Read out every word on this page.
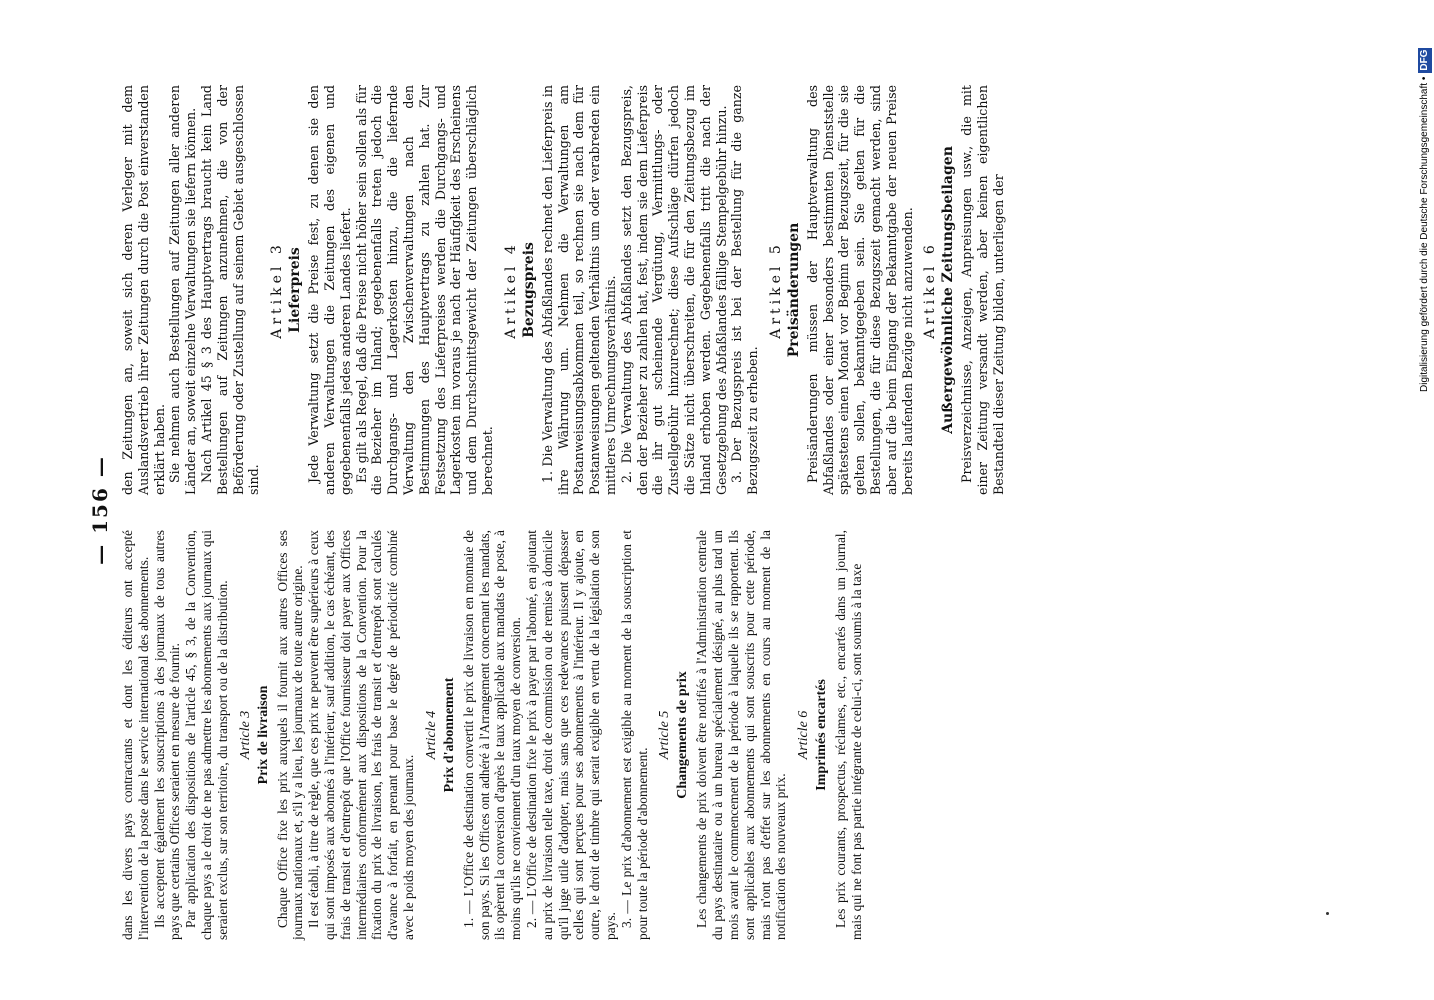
— 156 —

dans les divers pays contractants et dont les éditeurs ont accepté l'intervention de la poste dans le service international des abonnements. Ils acceptent également les souscriptions à des journaux de tous autres pays que certains Offices seraient en mesure de fournir. Par application des dispositions de l'article 45, § 3, de la Convention, chaque pays a le droit de ne pas admettre les abonnements aux journaux qui seraient exclus, sur son territoire, du transport ou de la distribution. Article 3 Prix de livraison Chaque Office fixe les prix auxquels il fournit aux autres Offices ses journaux nationaux et, s'il y a lieu, les journaux de toute autre origine. Il est établi, à titre de règle, que ces prix ne peuvent être supérieurs à ceux qui sont imposés aux abonnés à l'intérieur, sauf addition, le cas échéant, des frais de transit et d'entrepôt que l'Office fournisseur doit payer aux Offices intermédiaires conformément aux dispositions de la Convention. Pour la fixation du prix de livraison, les frais de transit et d'entrepôt sont calculés d'avance à forfait, en prenant pour base le degré de périodicité combiné avec le poids moyen des journaux.

Article 4 Prix d'abonnement 1. — L'Office de destination convertit le prix de livraison en monnaie de son pays. Si les Offices ont adhéré à l'Arrangement concernant les mandats, ils opèrent la conversion d'après le taux applicable aux mandats de poste, à moins qu'ils ne conviennent d'un taux moyen de conversion. 2. — L'Office de destination fixe le prix à payer par l'abonné, en ajoutant au prix de livraison telle taxe, droit de commission ou de remise à domicile qu'il juge utile d'adopter, mais sans que ces redevances puissent dépasser celles qui sont perçues pour ses abonnements à l'intérieur. Il y ajoute, en outre, le droit de timbre qui serait exigible en vertu de la législation de son pays. 3. — Le prix d'abonnement est exigible au moment de la souscription et pour toute la période d'abonnement.

Article 5 Changements de prix Les changements de prix doivent être notifiés à l'Administration centrale du pays destinataire ou à un bureau spécialement désigné, au plus tard un mois avant le commencement de la période à laquelle ils se rapportent. Ils sont applicables aux abonnements qui sont souscrits pour cette période, mais n'ont pas d'effet sur les abonnements en cours au moment de la notification des nouveaux prix.

Article 6 Imprimés encartés Les prix courants, prospectus, réclames, etc., encartés dans un journal, mais qui ne font pas partie intégrante de celui-ci, sont soumis à la taxe

den Zeitungen an, soweit sich deren Verleger mit dem Auslandsvertrieb ihrer Zeitungen durch die Post einverstanden erklärt haben. Sie nehmen auch Bestellungen auf Zeitungen aller anderen Länder an, soweit einzelne Verwaltungen sie liefern können. Nach Artikel 45 § 3 des Hauptvertrags braucht kein Land Bestellungen auf Zeitungen anzunehmen, die von der Beförderung oder Zustellung auf seinem Gebiet ausgeschlossen sind.

Artikel 3 Lieferpreis Jede Verwaltung setzt die Preise fest, zu denen sie den anderen Verwaltungen die Zeitungen des eigenen und gegebenenfalls jedes anderen Landes liefert. Es gilt als Regel, daß die Preise nicht höher sein sollen als für die Bezieher im Inland; gegebenenfalls treten jedoch die Durchgangs- und Lagerkosten hinzu, die die liefernde Verwaltung den Zwischenverwaltungen nach den Bestimmungen des Hauptvertrags zu zahlen hat. Zur Festsetzung des Lieferpreises werden die Durchgangs- und Lagerkosten im voraus je nach der Häufigkeit des Erscheinens und dem Durchschnittsgewicht der Zeitungen überschläglich berechnet.

Artikel 4 Bezugspreis 1. Die Verwaltung des Abfaßlandes rechnet den Lieferpreis in ihre Währung um. Nehmen die Verwaltungen am Postanweisungsabkommen teil, so rechnen sie nach dem für Postanweisungen geltenden Verhältnis um oder verabreden ein mittleres Umrechnungsverhältnis. 2. Die Verwaltung des Abfaßlandes setzt den Bezugspreis, den der Bezieher zu zahlen hat, fest, indem sie dem Lieferpreis die ihr gut scheinende Vergütung, Vermittlungs- oder Zustellgebühr hinzurechnet; diese Aufschläge dürfen jedoch die Sätze nicht überschreiten, die für den Zeitungsbezug im Inland erhoben werden. Gegebenenfalls tritt die nach der Gesetzgebung des Abfaßlandes fällige Stempelgebühr hinzu. 3. Der Bezugspreis ist bei der Bestellung für die ganze Bezugszeit zu erheben.

Artikel 5 Preisänderungen Preisänderungen müssen der Hauptverwaltung des Abfaßlandes oder einer besonders bestimmten Dienststelle spätestens einen Monat vor Beginn der Bezugszeit, für die sie gelten sollen, bekanntgegeben sein. Sie gelten für die Bestellungen, die für diese Bezugszeit gemacht werden, sind aber auf die beim Eingang der Bekanntgabe der neuen Preise bereits laufenden Bezüge nicht anzuwenden. Artikel 6 Außergewöhnliche Zeitungsbeilagen Preisverzeichnisse, Anzeigen, Anpreisungen usw., die mit einer Zeitung versandt werden, aber keinen eigentlichen Bestandteil dieser Zeitung bilden, unterliegen der	Digitalisierung gefördert durch die Deutsche Forschungsgemeinschaft •DFG
